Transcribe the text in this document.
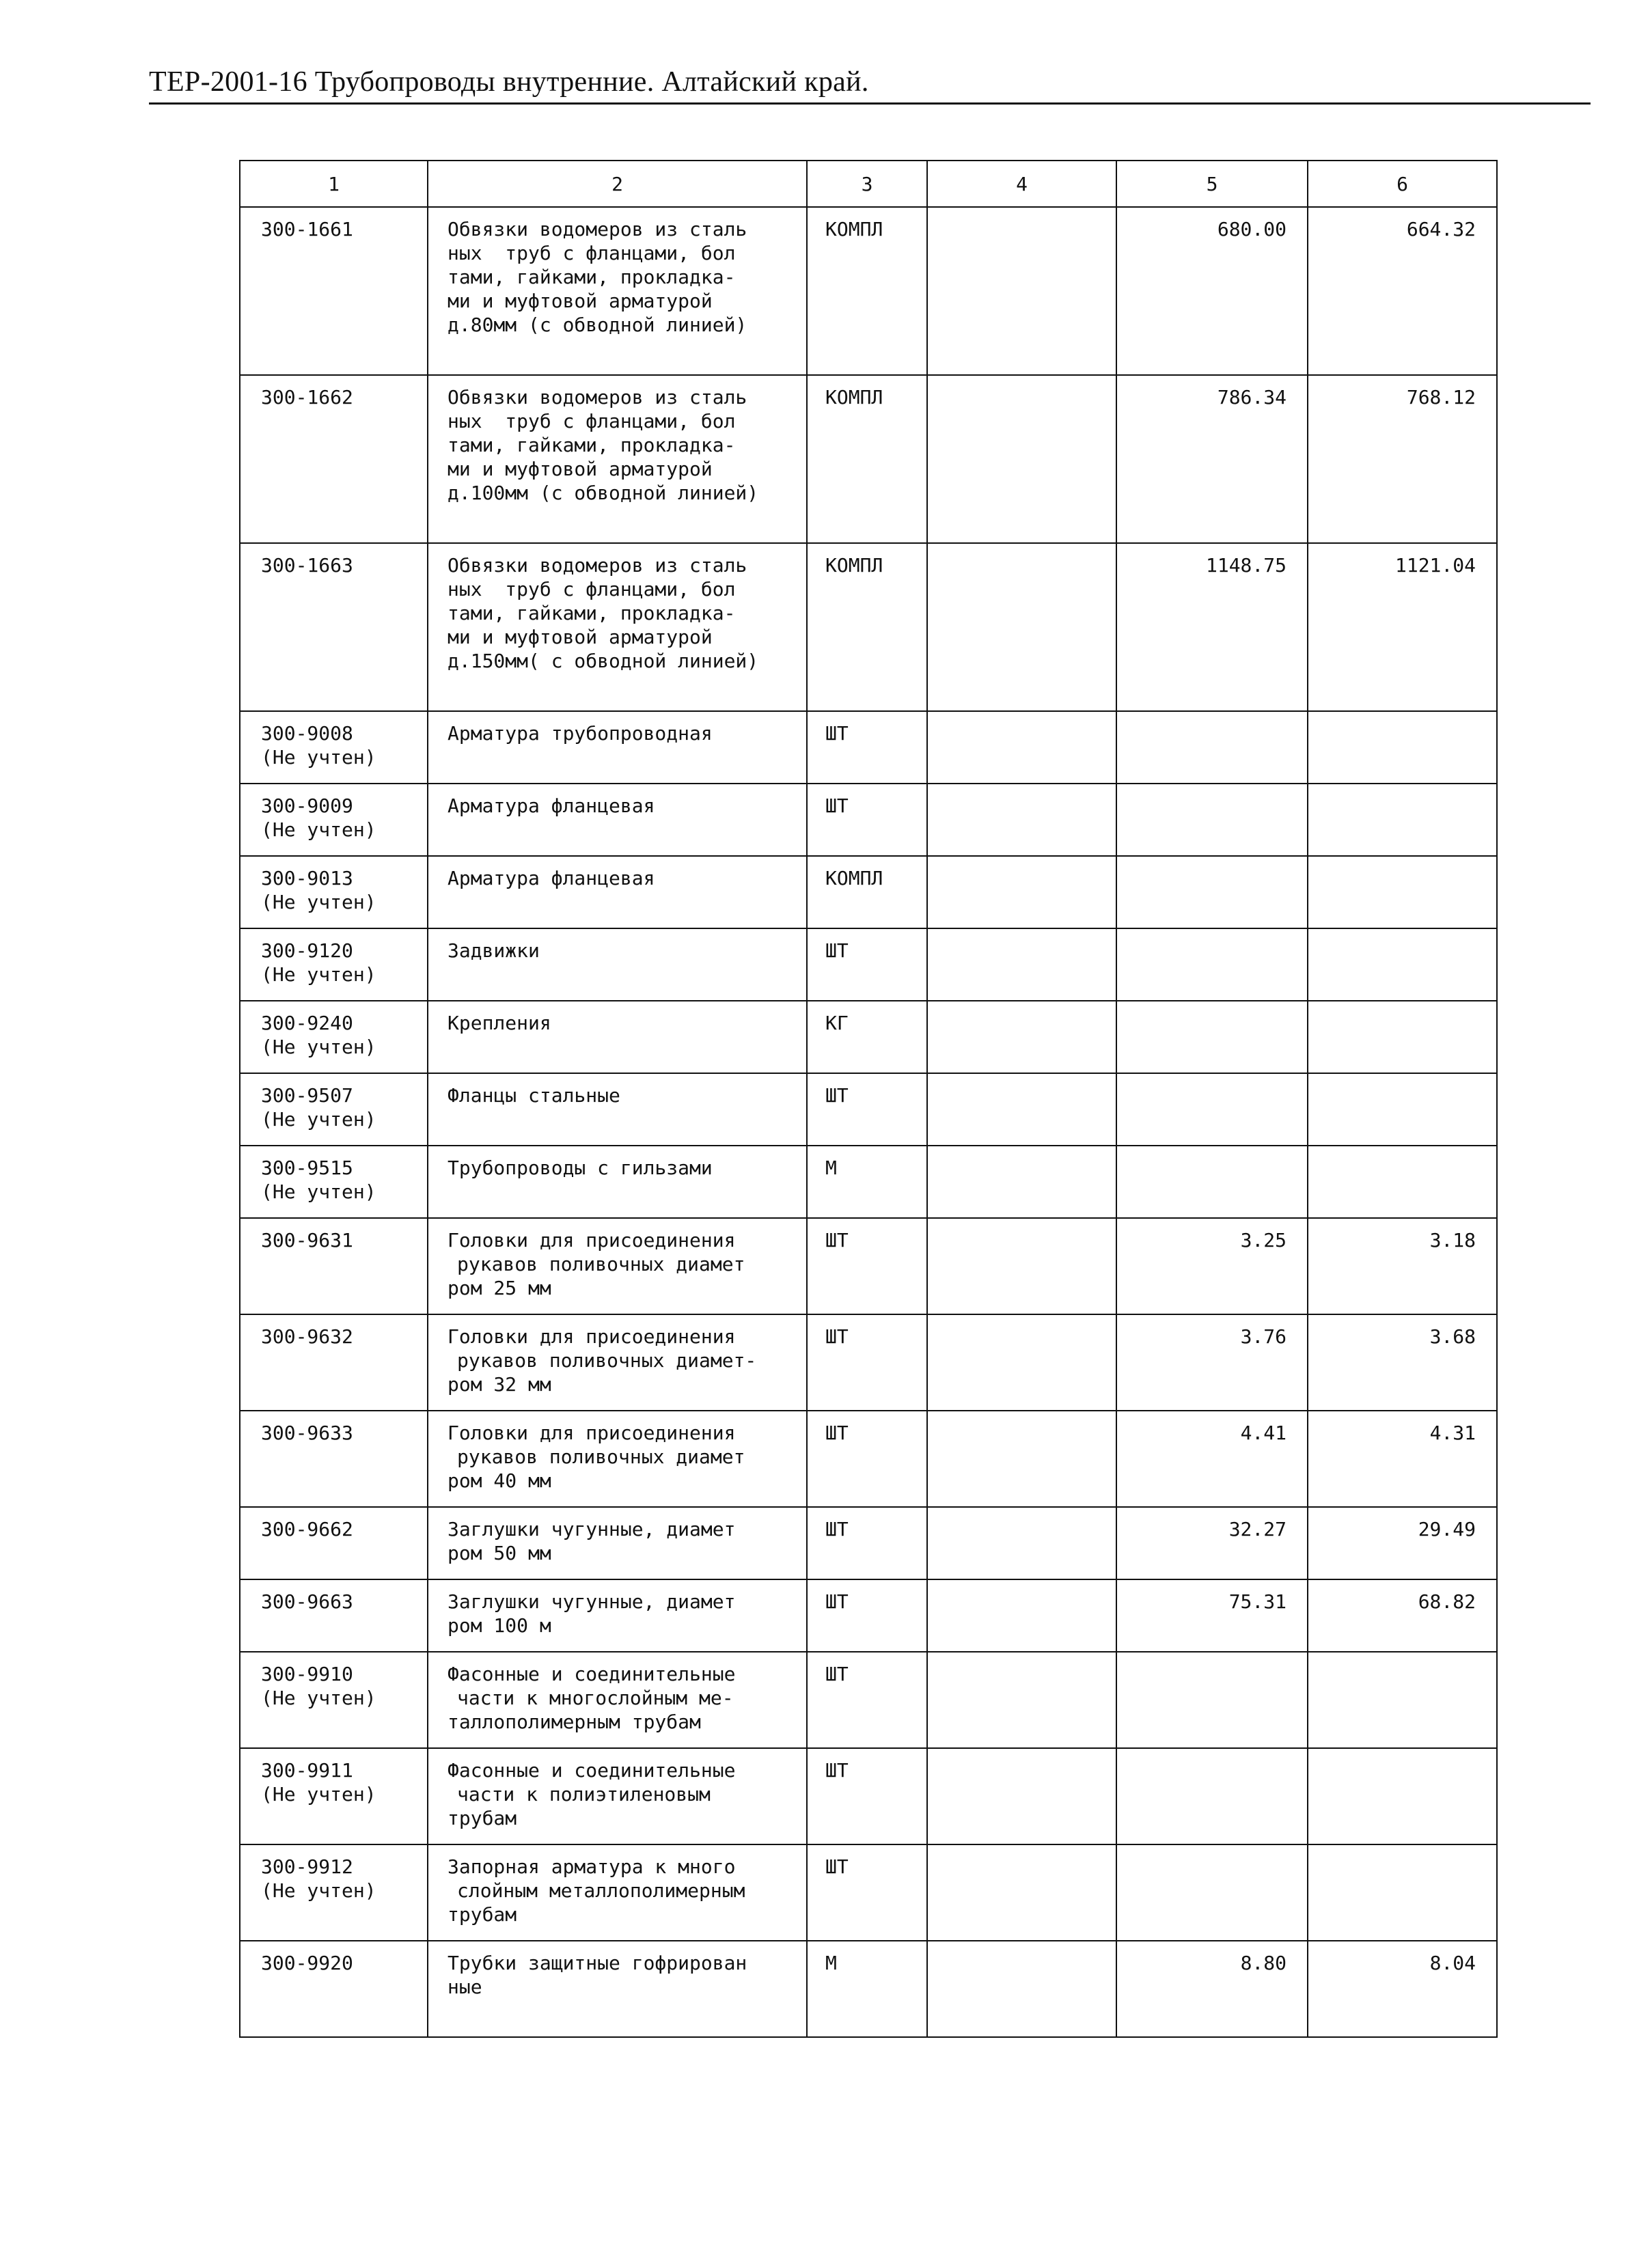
ТЕР-2001-16 Трубопроводы внутренние. Алтайский край.
1	2	3	4	5	6

300-1661	Обвязки водомеров из сталь
ных  труб с фланцами, бол
тами, гайками, прокладка-
ми и муфтовой арматурой
д.80мм (с обводной линией)	КОМПЛ		680.00	664.32

300-1662	Обвязки водомеров из сталь
ных  труб с фланцами, бол
тами, гайками, прокладка-
ми и муфтовой арматурой
д.100мм (с обводной линией)	КОМПЛ		786.34	768.12

300-1663	Обвязки водомеров из сталь
ных  труб с фланцами, бол
тами, гайками, прокладка-
ми и муфтовой арматурой
д.150мм( с обводной линией)	КОМПЛ		1148.75	1121.04

300-9008
(Не учтен)	Арматура трубопроводная	ШТ			

300-9009
(Не учтен)	Арматура фланцевая	ШТ			

300-9013
(Не учтен)	Арматура фланцевая	КОМПЛ			

300-9120
(Не учтен)	Задвижки	ШТ			

300-9240
(Не учтен)	Крепления	КГ			

300-9507
(Не учтен)	Фланцы стальные	ШТ			

300-9515
(Не учтен)	Трубопроводы с гильзами	М			

300-9631	Головки для присоединения
рукавов поливочных диамет
ром 25 мм	ШТ		3.25	3.18

300-9632	Головки для присоединения
рукавов поливочных диамет-
ром 32 мм	ШТ		3.76	3.68

300-9633	Головки для присоединения
рукавов поливочных диамет
ром 40 мм	ШТ		4.41	4.31

300-9662	Заглушки чугунные, диамет
ром 50 мм	ШТ		32.27	29.49

300-9663	Заглушки чугунные, диамет
ром 100 м	ШТ		75.31	68.82

300-9910
(Не учтен)	Фасонные и соединительные
части к многослойным ме-
таллополимерным трубам	ШТ			

300-9911
(Не учтен)	Фасонные и соединительные
части к полиэтиленовым
трубам	ШТ			

300-9912
(Не учтен)	Запорная арматура к много
слойным металлополимерным
трубам	ШТ			

300-9920	Трубки защитные гофрирован
ные	М		8.80	8.04
